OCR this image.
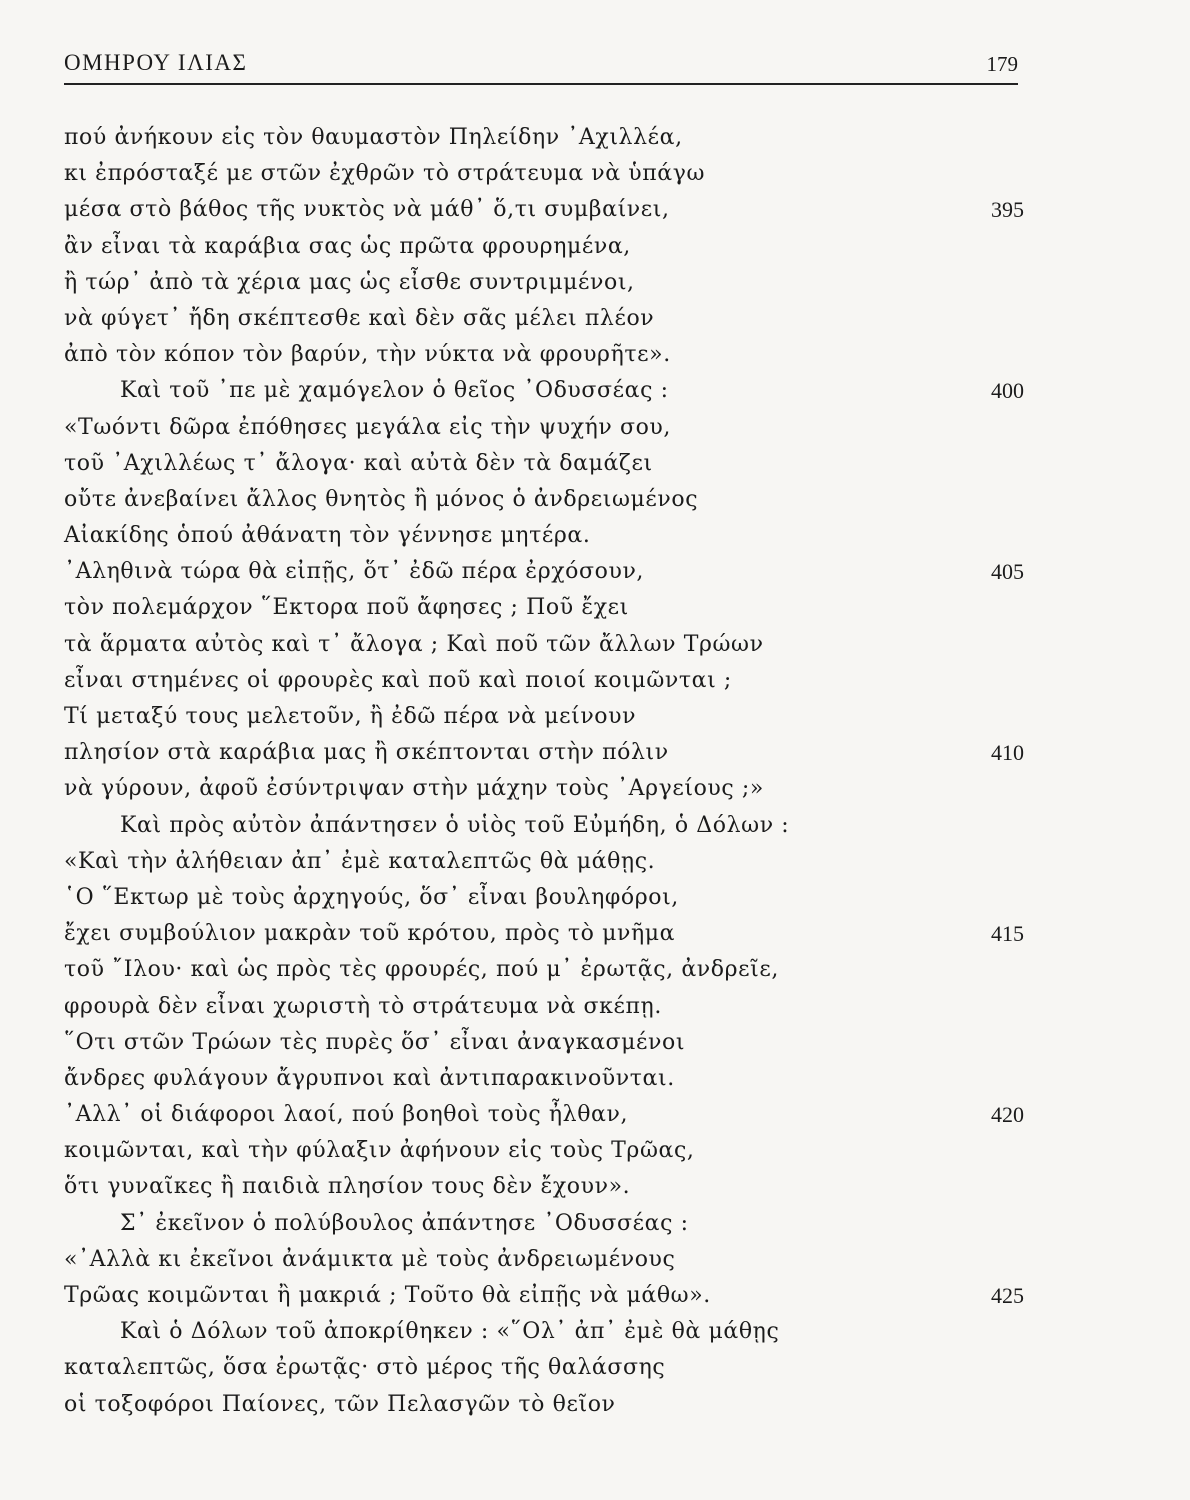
ΟΜΗΡΟΥ ΙΛΙΑΣ	179
πού ἀνήκουν εἰς τὸν θαυμαστὸν Πηλείδην ᾿Αχιλλέα,
κι ἐπρόσταξέ με στῶν ἐχθρῶν τὸ στράτευμα νὰ ὑπάγω
μέσα στὸ βάθος τῆς νυκτὸς νὰ μάθ᾿ ὅ,τι συμβαίνει,	395
ἂν εἶναι τὰ καράβια σας ὡς πρῶτα φρουρημένα,
ἢ τώρ᾿ ἀπὸ τὰ χέρια μας ὡς εἶσθε συντριμμένοι,
νὰ φύγετ᾿ ἤδη σκέπτεσθε καὶ δὲν σᾶς μέλει πλέον
ἀπὸ τὸν κόπον τὸν βαρύν, τὴν νύκτα νὰ φρουρῆτε».
Καὶ τοῦ ᾿πε μὲ χαμόγελον ὁ θεῖος ᾿Οδυσσέας :	400
«Τωόντι δῶρα ἐπόθησες μεγάλα εἰς τὴν ψυχήν σου,
τοῦ ᾿Αχιλλέως τ᾿ ἄλογα· καὶ αὐτὰ δὲν τὰ δαμάζει
οὔτε ἀνεβαίνει ἄλλος θνητὸς ἢ μόνος ὁ ἀνδρειωμένος
Αἰακίδης ὁπού ἀθάνατη τὸν γέννησε μητέρα.
᾿Αληθινὰ τώρα θὰ εἰπῇς, ὅτ᾿ ἐδῶ πέρα ἐρχόσουν,	405
τὸν πολεμάρχον ῞Εκτορα ποῦ ἄφησες ; Ποῦ ἔχει
τὰ ἅρματα αὐτὸς καὶ τ᾿ ἄλογα ; Καὶ ποῦ τῶν ἄλλων Τρώων
εἶναι στημένες οἱ φρουρὲς καὶ ποῦ καὶ ποιοί κοιμῶνται ;
Τί μεταξύ τους μελετοῦν, ἢ ἐδῶ πέρα νὰ μείνουν
πλησίον στὰ καράβια μας ἢ σκέπτονται στὴν πόλιν	410
νὰ γύρουν, ἀφοῦ ἐσύντριψαν στὴν μάχην τοὺς ᾿Αργείους ;»
Καὶ πρὸς αὐτὸν ἀπάντησεν ὁ υἱὸς τοῦ Εὐμήδη, ὁ Δόλων :
«Καὶ τὴν ἀλήθειαν ἀπ᾿ ἐμὲ καταλεπτῶς θὰ μάθῃς.
῾Ο ῞Εκτωρ μὲ τοὺς ἀρχηγούς, ὅσ᾿ εἶναι βουληφόροι,
ἔχει συμβούλιον μακρὰν τοῦ κρότου, πρὸς τὸ μνῆμα	415
τοῦ ῎Ιλου· καὶ ὡς πρὸς τὲς φρουρές, πού μ᾿ ἐρωτᾷς, ἀνδρεῖε,
φρουρὰ δὲν εἶναι χωριστὴ τὸ στράτευμα νὰ σκέπῃ.
῞Οτι στῶν Τρώων τὲς πυρὲς ὅσ᾿ εἶναι ἀναγκασμένοι
ἄνδρες φυλάγουν ἄγρυπνοι καὶ ἀντιπαρακινοῦνται.
᾿Αλλ᾿ οἱ διάφοροι λαοί, πού βοηθοὶ τοὺς ἦλθαν,	420
κοιμῶνται, καὶ τὴν φύλαξιν ἀφήνουν εἰς τοὺς Τρῶας,
ὅτι γυναῖκες ἢ παιδιὰ πλησίον τους δὲν ἔχουν».
Σ᾿ ἐκεῖνον ὁ πολύβουλος ἀπάντησε ᾿Οδυσσέας :
«᾿Αλλὰ κι ἐκεῖνοι ἀνάμικτα μὲ τοὺς ἀνδρειωμένους
Τρῶας κοιμῶνται ἢ μακριά ; Τοῦτο θὰ εἰπῇς νὰ μάθω».	425
Καὶ ὁ Δόλων τοῦ ἀποκρίθηκεν : «῞Ολ᾿ ἀπ᾿ ἐμὲ θὰ μάθῃς
καταλεπτῶς, ὅσα ἐρωτᾷς· στὸ μέρος τῆς θαλάσσης
οἱ τοξοφόροι Παίονες, τῶν Πελασγῶν τὸ θεῖον
